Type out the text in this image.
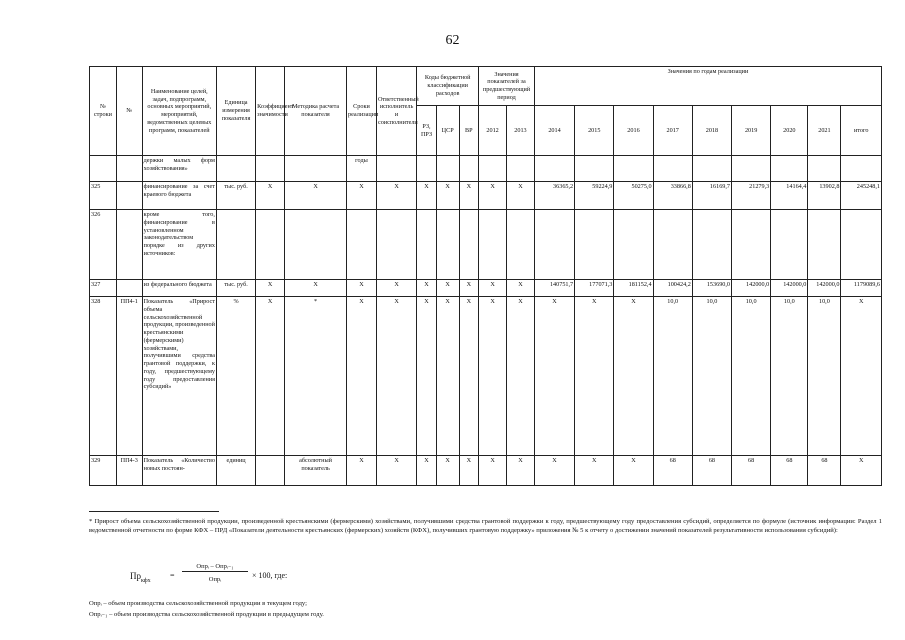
62
№ строки	№	Наименование целей, задач, подпрограмм, основных мероприятий, мероприятий, ведомственных целевых программ, показателей	Единица измерения показателя	Коэффициент значимости	Методика расчета показателя	Сроки реализации	Ответственный исполнитель и соисполнители	Коды бюджетной классификации расходов			Значения показателей за предшествующий период		Значения по годам реализации								

								РЗ, ПРЗ	ЦСР	ВР	2012	2013	2014	2015	2016	2017	2018	2019	2020	2021	итого
		держки малых форм хозяйствования»				годы															
325		финансирование за счет краевого бюджета	тыс. руб.	X	X	X	X	X	X	X	X	X	36365,2	59224,9	50275,0	33866,8	16169,7	21279,3	14164,4	13902,8	245248,1
326		кроме того, финансирование в установленном законодательством порядке из других источников:																			
327		из федерального бюджета	тыс. руб.	X	X	X	X	X	X	X	X	X	140751,7	177071,3	181152,4	100424,2	153690,0	142000,0	142000,0	142000,0	1179089,6
328	ПП4-1	Показатель «Прирост объема сельскохозяйственной продукции, произведенной крестьянскими (фермерскими) хозяйствами, получившими средства грантовой поддержки, к году, предшествующему году предоставления субсидий»	%	X	*	X	X	X	X	X	X	X	X	X	X	10,0	10,0	10,0	10,0	10,0	X
329	ПП4-3	Показатель «Количество новых постоян-	единиц		абсолютный показатель	X	X	X	X	X	X	X	X	X	X	68	68	68	68	68	X
* Прирост объема сельскохозяйственной продукции, произведенной крестьянскими (фермерскими) хозяйствами, получившими средства грантовой поддержки к году, предшествующему году предоставления субсидий, определяется по формуле (источник информации: Раздел 1 ведомственной отчетности по форме КФХ – ПРД «Показатели деятельности крестьянских (фермерских) хозяйств (КФХ), получивших грантовую поддержку» приложения № 5 к отчету о достижении значений показателей результативности использования субсидий):
$Пр_{кфх}$
=
Опрᵢ – Опрᵢ₋₁
Опрᵢ	× 100, где:
Опрᵢ – объем производства сельскохозяйственной продукции в текущем году;
Опрᵢ₋₁ – объем производства сельскохозяйственной продукции в предыдущем году.
